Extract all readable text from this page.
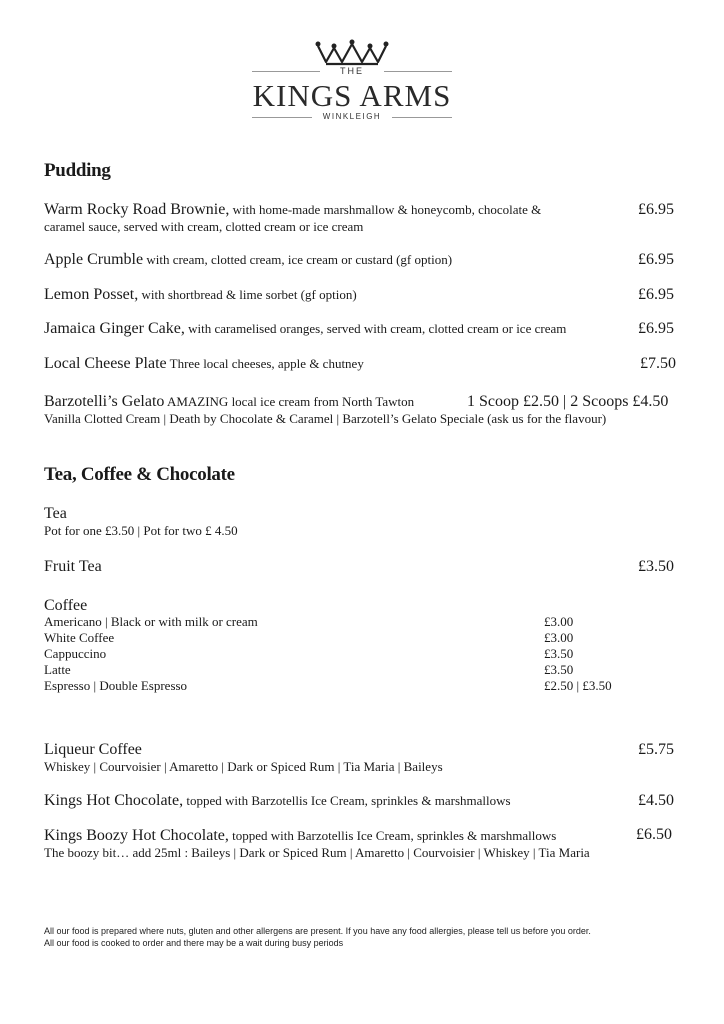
THE
KINGS ARMS
WINKLEIGH
Pudding
Warm Rocky Road Brownie, with home-made marshmallow & honeycomb, chocolate &
caramel sauce, served with cream, clotted cream or ice cream
£6.95
Apple Crumble with cream, clotted cream, ice cream or custard (gf option)	£6.95
Lemon Posset, with shortbread & lime sorbet (gf option)	£6.95
Jamaica Ginger Cake, with caramelised oranges, served with cream, clotted cream or ice cream	£6.95
Local Cheese Plate Three local cheeses, apple & chutney	£7.50
Barzotelli’s Gelato AMAZING local ice cream from North Tawton
Vanilla Clotted Cream | Death by Chocolate & Caramel | Barzotell’s Gelato Speciale (ask us for the flavour)
1 Scoop £2.50 | 2 Scoops £4.50
Tea, Coffee & Chocolate
Tea
Pot for one £3.50 | Pot for two £ 4.50
Fruit Tea	£3.50
Coffee
Americano | Black or with milk or cream	£3.00
White Coffee	£3.00
Cappuccino	£3.50
Latte	£3.50
Espresso | Double Espresso	£2.50 | £3.50
Liqueur Coffee
Whiskey | Courvoisier | Amaretto | Dark or Spiced Rum | Tia Maria | Baileys
£5.75
Kings Hot Chocolate, topped with Barzotellis Ice Cream, sprinkles & marshmallows	£4.50
Kings Boozy Hot Chocolate, topped with Barzotellis Ice Cream, sprinkles & marshmallows
The boozy bit… add 25ml : Baileys | Dark or Spiced Rum | Amaretto | Courvoisier | Whiskey | Tia Maria
£6.50
All our food is prepared where nuts, gluten and other allergens are present. If you have any food allergies, please tell us before you order.
All our food is cooked to order and there may be a wait during busy periods
